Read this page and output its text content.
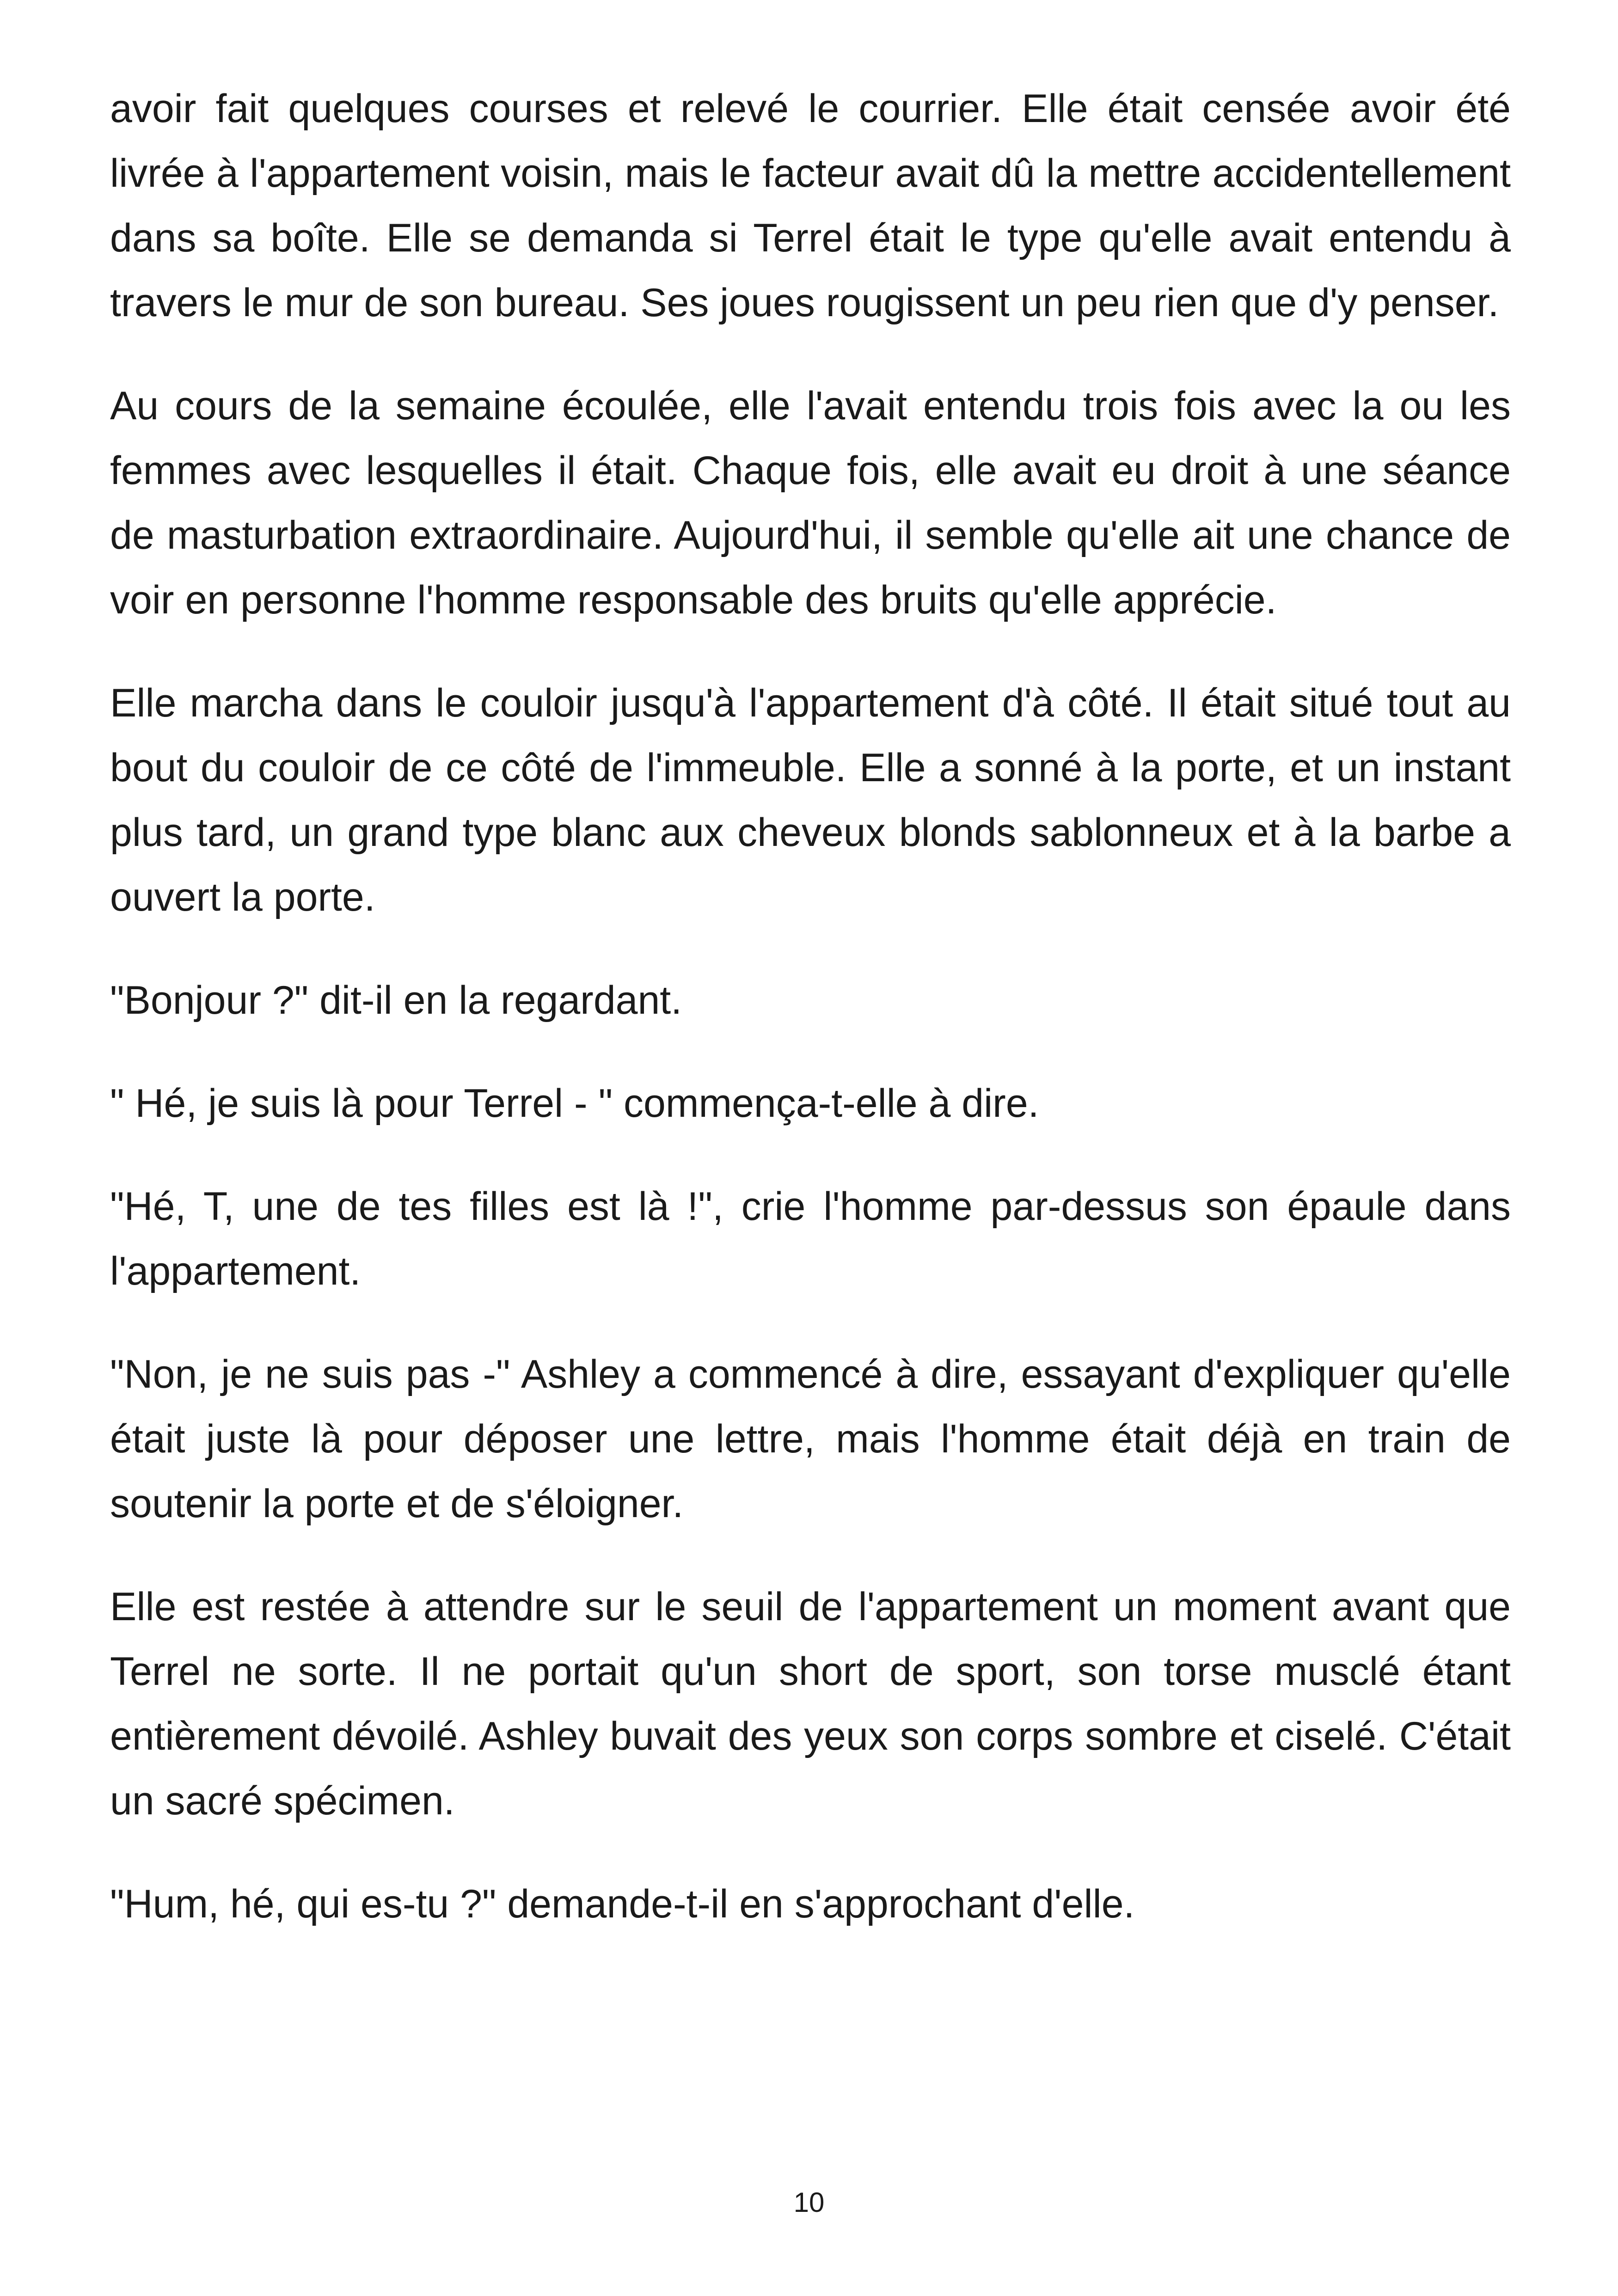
avoir fait quelques courses et relevé le courrier. Elle était censée avoir été livrée à l'appartement voisin, mais le facteur avait dû la mettre accidentellement dans sa boîte. Elle se demanda si Terrel était le type qu'elle avait entendu à travers le mur de son bureau. Ses joues rougissent un peu rien que d'y penser.

Au cours de la semaine écoulée, elle l'avait entendu trois fois avec la ou les femmes avec lesquelles il était. Chaque fois, elle avait eu droit à une séance de masturbation extraordinaire. Aujourd'hui, il semble qu'elle ait une chance de voir en personne l'homme responsable des bruits qu'elle apprécie.

Elle marcha dans le couloir jusqu'à l'appartement d'à côté. Il était situé tout au bout du couloir de ce côté de l'immeuble. Elle a sonné à la porte, et un instant plus tard, un grand type blanc aux cheveux blonds sablonneux et à la barbe a ouvert la porte.

"Bonjour ?" dit-il en la regardant.

" Hé, je suis là pour Terrel - " commença-t-elle à dire.

"Hé, T, une de tes filles est là !", crie l'homme par-dessus son épaule dans l'appartement.

"Non, je ne suis pas -" Ashley a commencé à dire, essayant d'expliquer qu'elle était juste là pour déposer une lettre, mais l'homme était déjà en train de soutenir la porte et de s'éloigner.

Elle est restée à attendre sur le seuil de l'appartement un moment avant que Terrel ne sorte. Il ne portait qu'un short de sport, son torse musclé étant entièrement dévoilé. Ashley buvait des yeux son corps sombre et ciselé. C'était un sacré spécimen.

"Hum, hé, qui es-tu ?" demande-t-il en s'approchant d'elle.

10
